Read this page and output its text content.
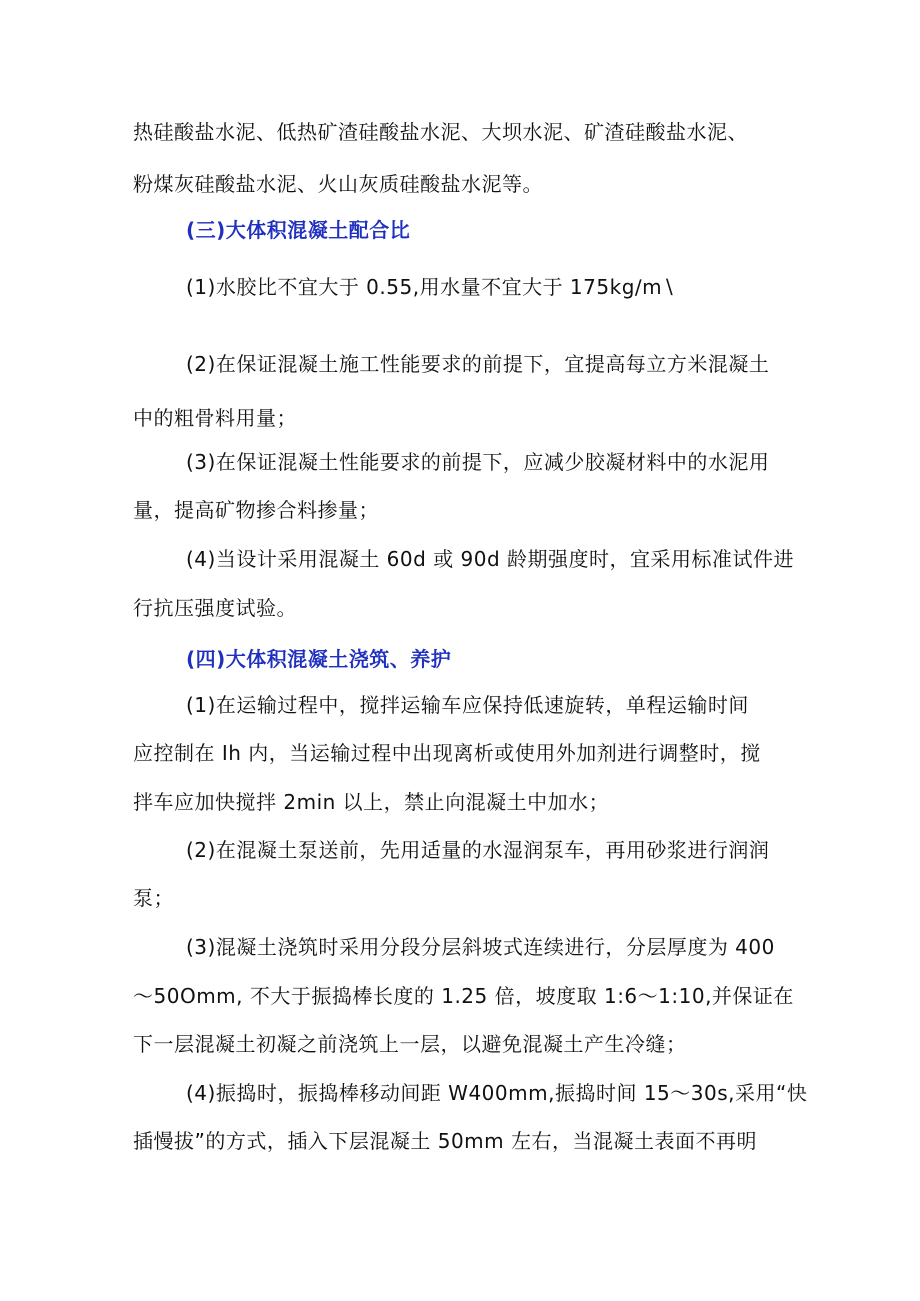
热硅酸盐水泥、低热矿渣硅酸盐水泥、大坝水泥、矿渣硅酸盐水泥、
粉煤灰硅酸盐水泥、火山灰质硅酸盐水泥等。
(三)大体积混凝土配合比
(1)水胶比不宜大于 0.55,用水量不宜大于 175kg∕m∖
(2)在保证混凝土施工性能要求的前提下，宜提高每立方米混凝土
中的粗骨料用量；
(3)在保证混凝土性能要求的前提下，应减少胶凝材料中的水泥用
量，提高矿物掺合料掺量；
(4)当设计采用混凝土 60d 或 90d 龄期强度时，宜采用标准试件进
行抗压强度试验。
(四)大体积混凝土浇筑、养护
(1)在运输过程中，搅拌运输车应保持低速旋转，单程运输时间
应控制在 Ih 内，当运输过程中出现离析或使用外加剂进行调整时，搅
拌车应加快搅拌 2min 以上，禁止向混凝土中加水；
(2)在混凝土泵送前，先用适量的水湿润泵车，再用砂浆进行润润
泵；
(3)混凝土浇筑时采用分段分层斜坡式连续进行，分层厚度为 400
～50Omm, 不大于振捣棒长度的 1.25 倍，坡度取 1:6～1:10,并保证在
下一层混凝土初凝之前浇筑上一层，以避免混凝土产生冷缝；
(4)振捣时，振捣棒移动间距 W400mm,振捣时间 15～30s,采用“快
插慢拔”的方式，插入下层混凝土 50mm 左右，当混凝土表面不再明
